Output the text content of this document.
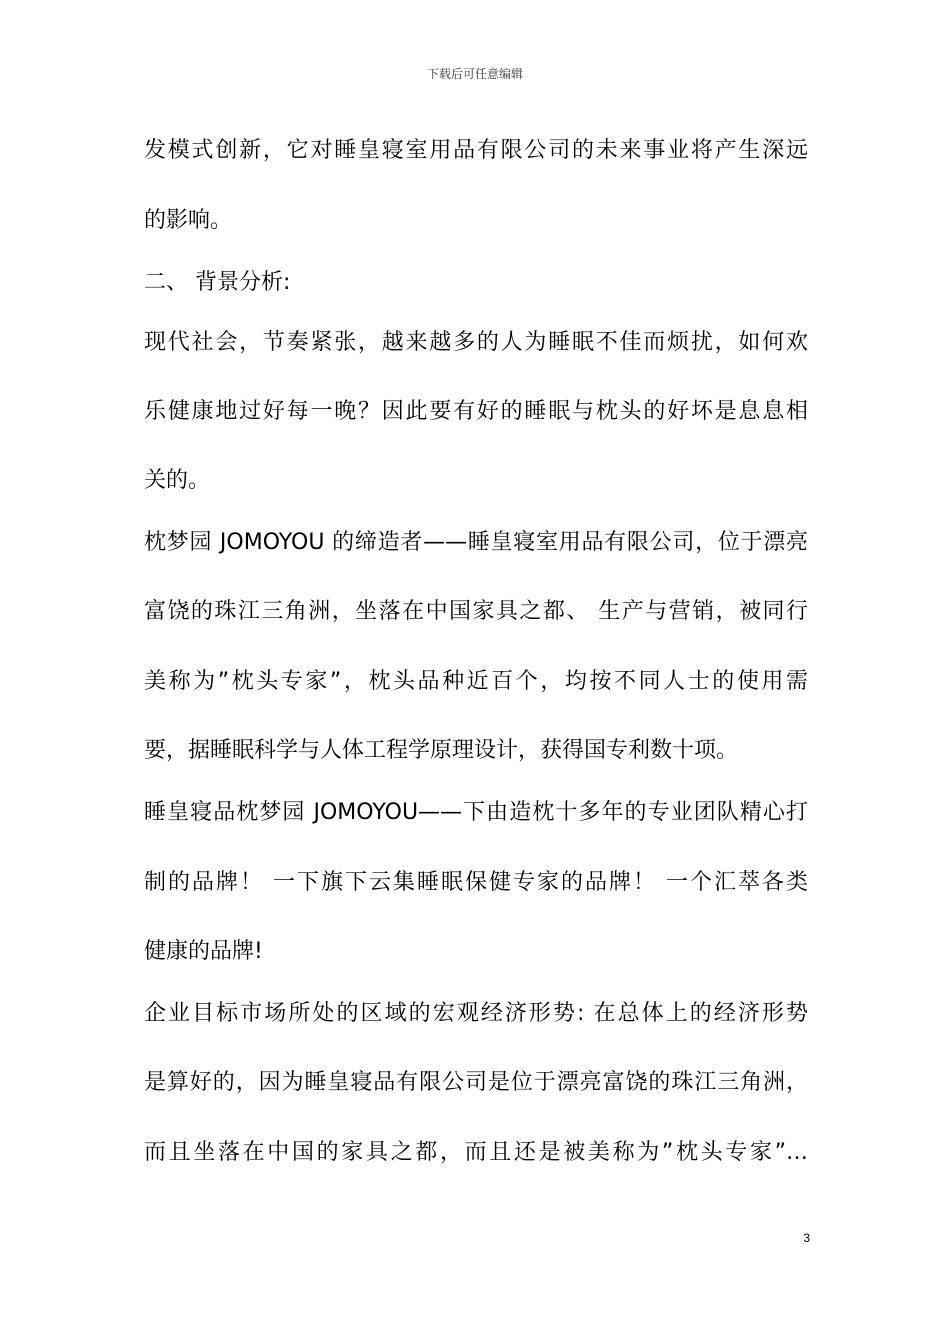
下载后可任意编辑
发模式创新，它对睡皇寝室用品有限公司的未来事业将产生深远
的影响。
二、 背景分析:
现代社会，节奏紧张，越来越多的人为睡眠不佳而烦扰，如何欢
乐健康地过好每一晚？因此要有好的睡眠与枕头的好坏是息息相
关的。
枕梦园 JOMOYOU 的缔造者——睡皇寝室用品有限公司，位于漂亮
富饶的珠江三角洲，坐落在中国家具之都、 生产与营销，被同行
美称为”枕头专家”，枕头品种近百个，均按不同人士的使用需
要，据睡眠科学与人体工程学原理设计，获得国专利数十项。
睡皇寝品枕梦园 JOMOYOU——下由造枕十多年的专业团队精心打
制的品牌！ 一下旗下云集睡眠保健专家的品牌！ 一个汇萃各类
健康的品牌!
企业目标市场所处的区域的宏观经济形势: 在总体上的经济形势
是算好的，因为睡皇寝品有限公司是位于漂亮富饶的珠江三角洲，
而且坐落在中国的家具之都，而且还是被美称为”枕头专家”…
3
